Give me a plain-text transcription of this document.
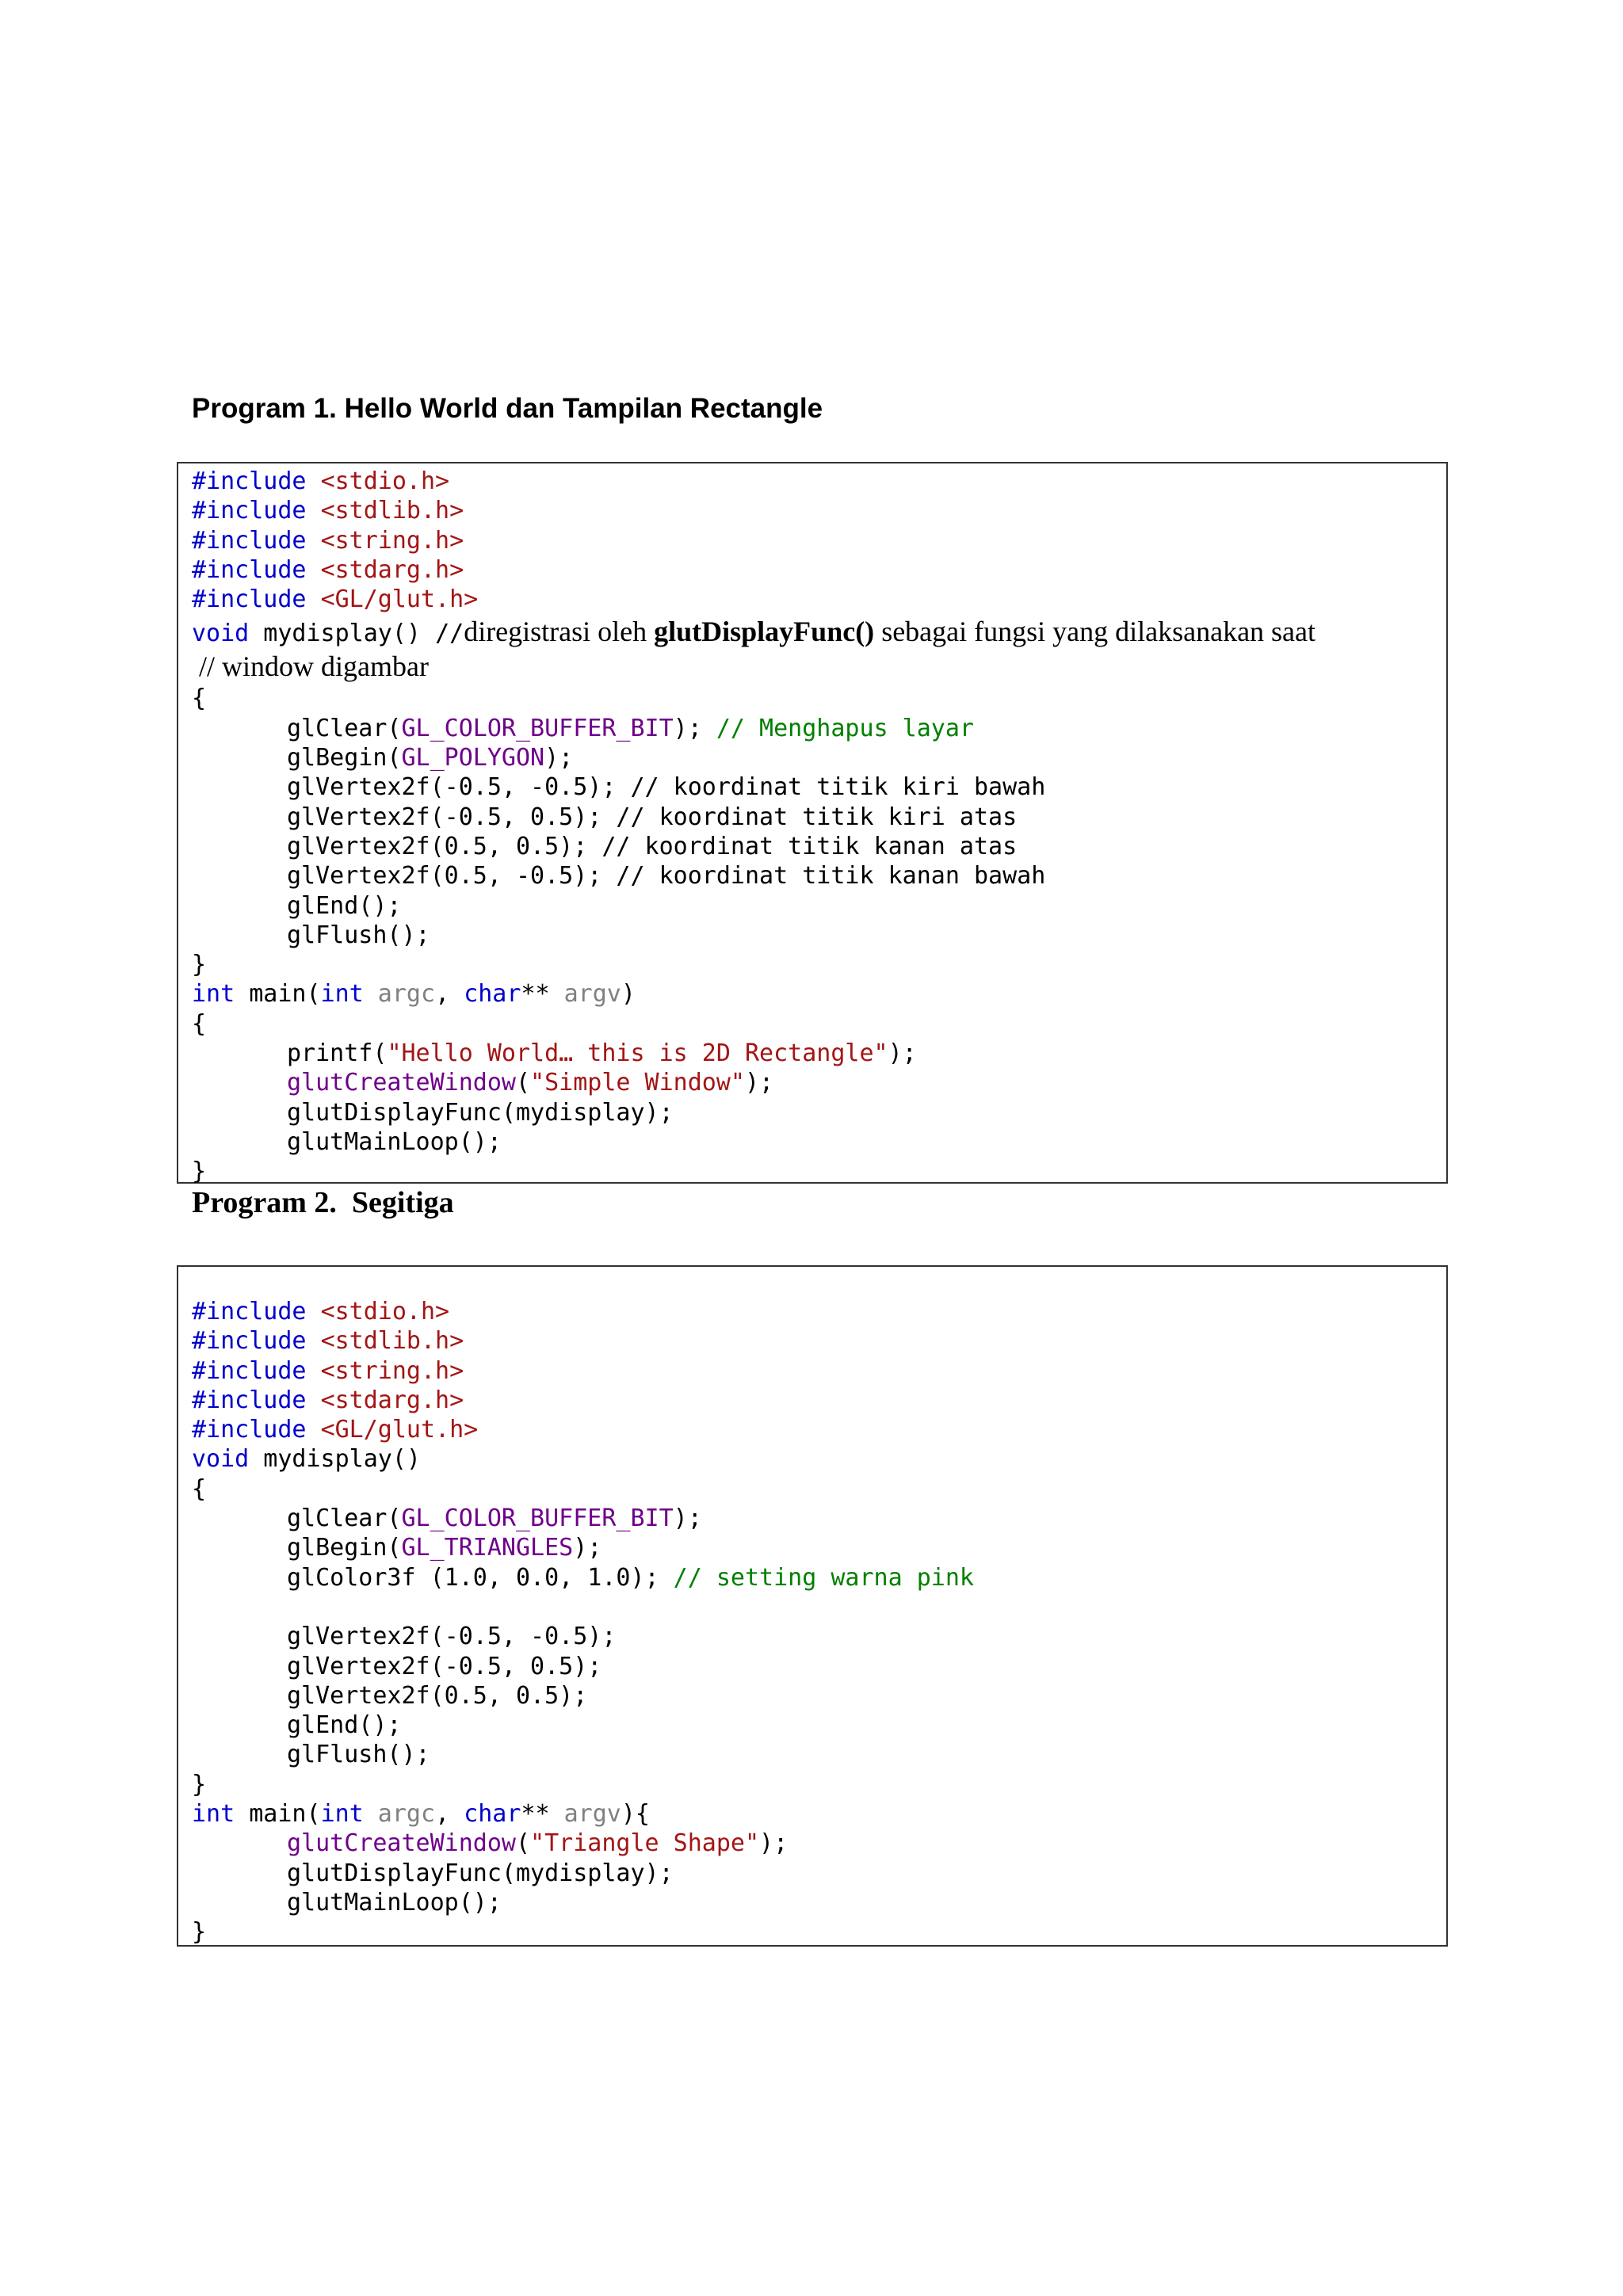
Program 1. Hello World dan Tampilan Rectangle
#include <stdio.h>
#include <stdlib.h>
#include <string.h>
#include <stdarg.h>
#include <GL/glut.h>
void mydisplay() //diregistrasi oleh glutDisplayFunc() sebagai fungsi yang dilaksanakan saat
// window digambar
{
glClear(GL_COLOR_BUFFER_BIT); // Menghapus layar
glBegin(GL_POLYGON);
glVertex2f(-0.5, -0.5); // koordinat titik kiri bawah
glVertex2f(-0.5, 0.5); // koordinat titik kiri atas
glVertex2f(0.5, 0.5); // koordinat titik kanan atas
glVertex2f(0.5, -0.5); // koordinat titik kanan bawah
glEnd();
glFlush();
}
int main(int argc, char** argv)
{
printf("Hello World… this is 2D Rectangle");
glutCreateWindow("Simple Window");
glutDisplayFunc(mydisplay);
glutMainLoop();
}
Program 2.  Segitiga
#include <stdio.h>
#include <stdlib.h>
#include <string.h>
#include <stdarg.h>
#include <GL/glut.h>
void mydisplay()
{
glClear(GL_COLOR_BUFFER_BIT);
glBegin(GL_TRIANGLES);
glColor3f (1.0, 0.0, 1.0); // setting warna pink
glVertex2f(-0.5, -0.5);
glVertex2f(-0.5, 0.5);
glVertex2f(0.5, 0.5);
glEnd();
glFlush();
}
int main(int argc, char** argv){
glutCreateWindow("Triangle Shape");
glutDisplayFunc(mydisplay);
glutMainLoop();
}
